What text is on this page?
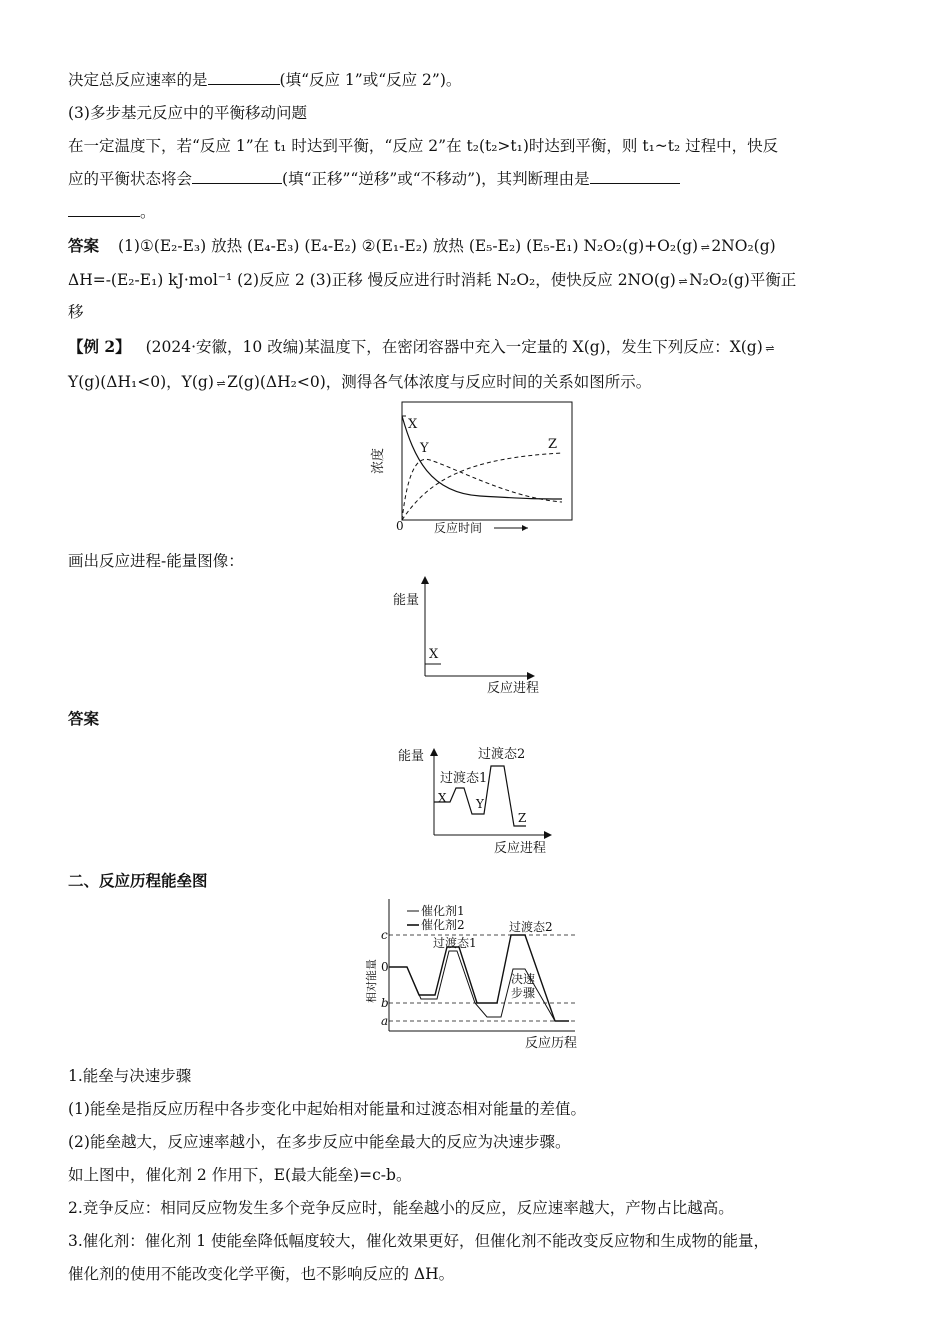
决定总反应速率的是	(填“反应 1”或“反应 2”)。
(3)多步基元反应中的平衡移动问题
在一定温度下，若“反应 1”在 t₁ 时达到平衡，“反应 2”在 t₂(t₂>t₁)时达到平衡，则 t₁~t₂ 过程中，快反
应的平衡状态将会	(填“正移”“逆移”或“不移动”)，其判断理由是
。
答案 (1)①(E₂-E₃) 放热 (E₄-E₃) (E₄-E₂) ②(E₁-E₂) 放热 (E₅-E₂) (E₅-E₁) N₂O₂(g)+O₂(g) ⇌ 2NO₂(g)
ΔH=-(E₂-E₁) kJ·mol⁻¹ (2)反应 2 (3)正移 慢反应进行时消耗 N₂O₂，使快反应 2NO(g) ⇌ N₂O₂(g)平衡正
移
【例 2】 (2024·安徽，10 改编)某温度下，在密闭容器中充入一定量的 X(g)，发生下列反应：X(g) ⇌
Y(g)(ΔH₁<0)，Y(g) ⇌ Z(g)(ΔH₂<0)，测得各气体浓度与反应时间的关系如图所示。
浓度
X
Y	Z
0	反应时间
画出反应进程-能量图像：
能量
X
反应进程
答案
能量	过渡态2
过渡态1
X Y
Z
反应进程
二、反应历程能垒图
催化剂1
催化剂2	过渡态2
过渡态1
决速
步骤
相对能量
c
0
b
a
反应历程
1.能垒与决速步骤
(1)能垒是指反应历程中各步变化中起始相对能量和过渡态相对能量的差值。
(2)能垒越大，反应速率越小，在多步反应中能垒最大的反应为决速步骤。
如上图中，催化剂 2 作用下，E(最大能垒)=c-b。
2.竞争反应：相同反应物发生多个竞争反应时，能垒越小的反应，反应速率越大，产物占比越高。
3.催化剂：催化剂 1 使能垒降低幅度较大，催化效果更好，但催化剂不能改变反应物和生成物的能量，
催化剂的使用不能改变化学平衡，也不影响反应的 ΔH。
